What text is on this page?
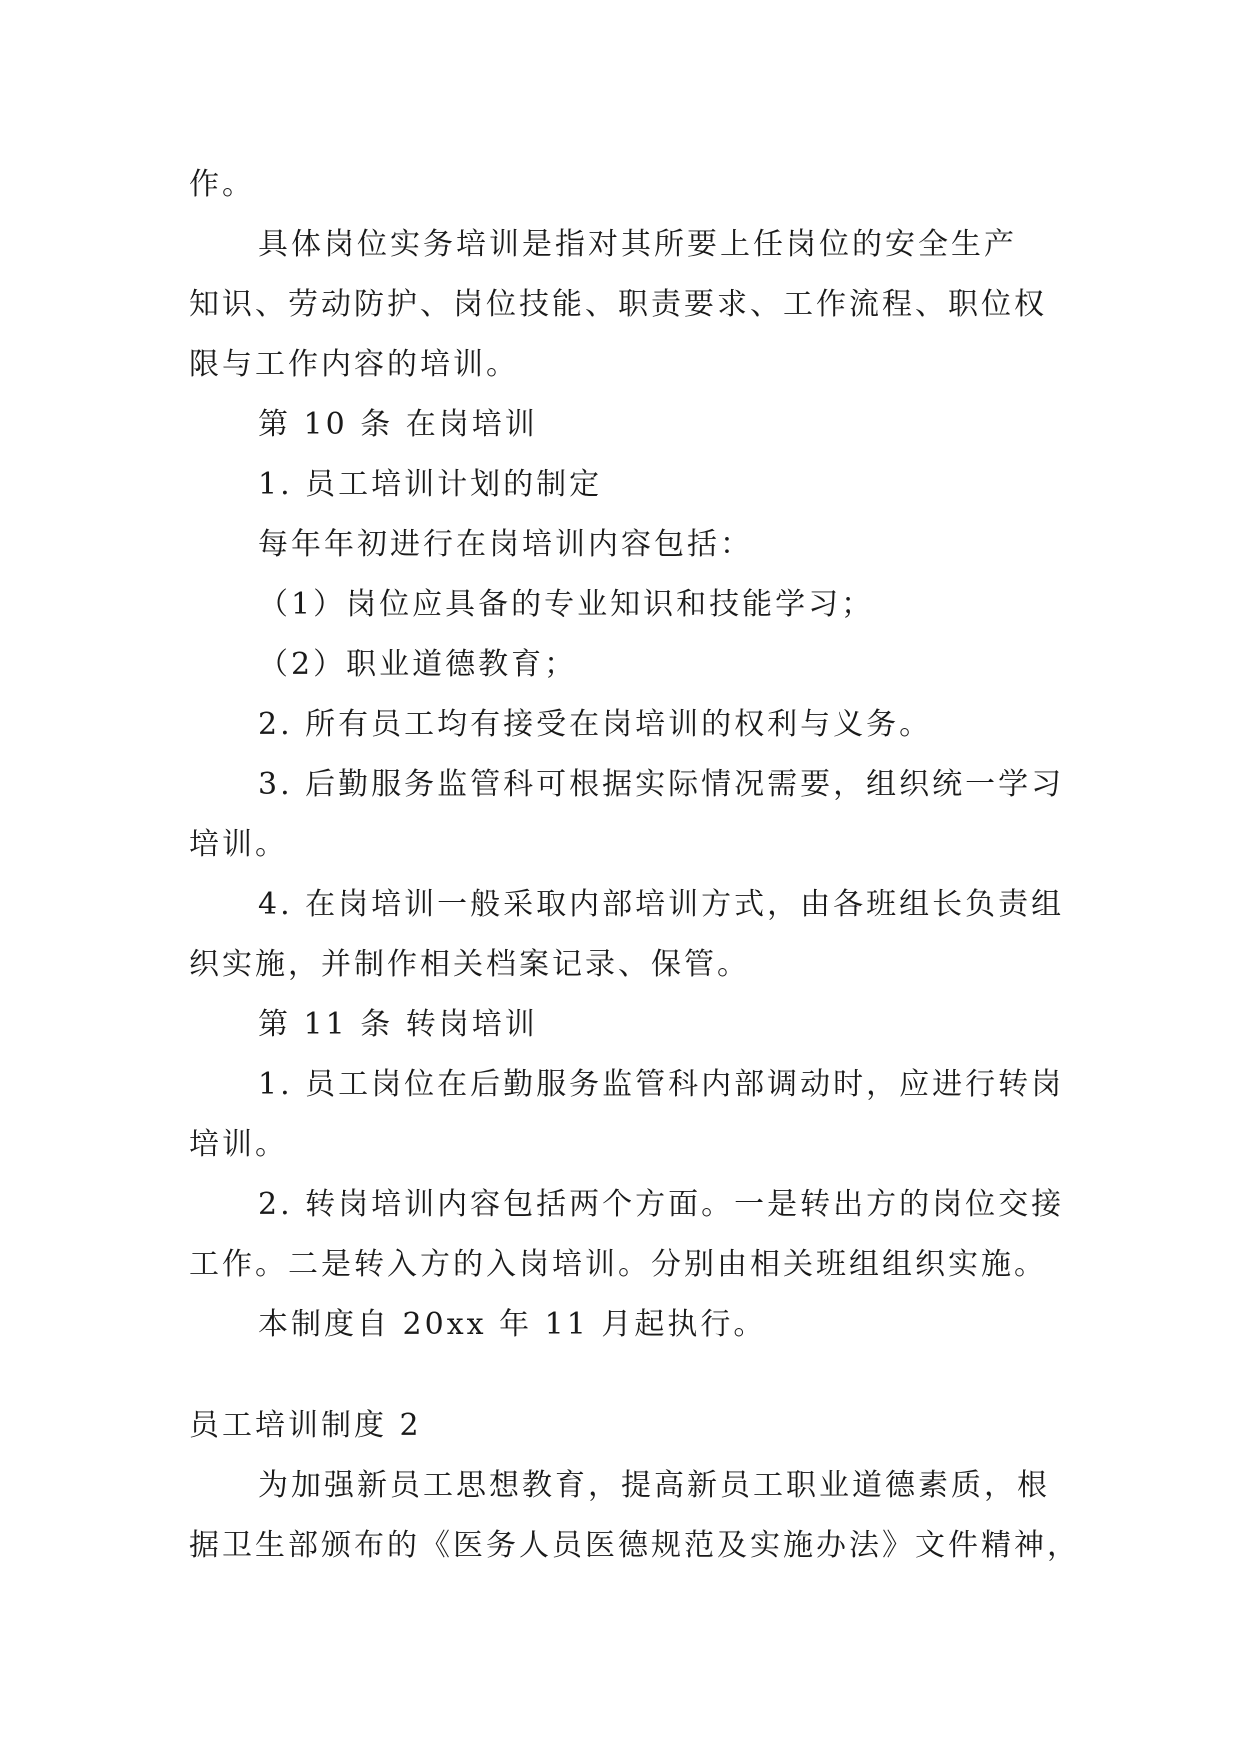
作。
具体岗位实务培训是指对其所要上任岗位的安全生产
知识、劳动防护、岗位技能、职责要求、工作流程、职位权
限与工作内容的培训。
第 10 条 在岗培训
1. 员工培训计划的制定
每年年初进行在岗培训内容包括：
（1）岗位应具备的专业知识和技能学习；
（2）职业道德教育；
2. 所有员工均有接受在岗培训的权利与义务。
3. 后勤服务监管科可根据实际情况需要，组织统一学习
培训。
4. 在岗培训一般采取内部培训方式，由各班组长负责组
织实施，并制作相关档案记录、保管。
第 11 条 转岗培训
1. 员工岗位在后勤服务监管科内部调动时，应进行转岗
培训。
2. 转岗培训内容包括两个方面。一是转出方的岗位交接
工作。二是转入方的入岗培训。分别由相关班组组织实施。
本制度自 20xx 年 11 月起执行。
员工培训制度 2
为加强新员工思想教育，提高新员工职业道德素质，根
据卫生部颁布的《医务人员医德规范及实施办法》文件精神，
